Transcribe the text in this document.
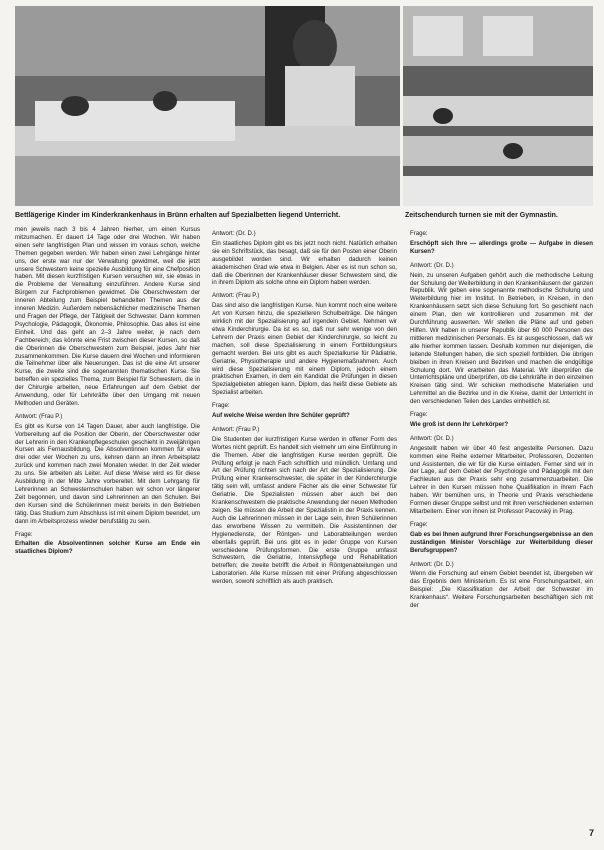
Bettlägerige Kinder im Kinderkrankenhaus in Brünn erhalten auf Spezialbetten liegend Unterricht.	Zeitschendurch turnen sie mit der Gymnastin.

men jeweils nach 3 bis 4 Jahren hierher, um einen Kursus mitzumachen. Er dauert 14 Tage oder drei Wochen. Wir haben einen sehr langfristigen Plan und wissen im voraus schon, welche Themen gegeben werden. Wir haben einen zwei Lehrgänge hinter uns, der erste war nur der Verwaltung gewidmet, weil die jetzt unsere Schwestern keine spezielle Ausbildung für eine Chefposition haben. Mit diesen kurzfristigen Kursen versuchen wir, sie etwas in die Probleme der Verwaltung einzuführen. Andere Kurse sind Bürgern zur Fachproblemen gewidmet. Die Oberschwestern der inneren Abteilung zum Beispiel behandelten Themen aus der inneren Medizin. Außerdem nebensächlicher medizinische Themen und Fragen der Pflege, der Tätigkeit der Schwester. Dann kommen Psychologie, Pädagogik, Ökonomie, Philosophie. Das alles ist eine Einheit. Und das geht an 2–3 Jahre weiter, je nach dem Fachbereich; das könnte eine Frist zwischen dieser Kursen, so daß die Oberinnen die Oberschwestern zum Beispiel, jedes Jahr hier zusammenkommen. Die Kurse dauern drei Wochen und informieren die Teilnehmer über alle Neuerungen. Das ist die eine Art unserer Kurse, die zweite sind die sogenannten thematischen Kurse. Sie betreffen ein spezielles Thema, zum Beispiel für Schwestern, die in der Chirurgie arbeiten, neue Erfahrungen auf dem Gebiet der Anwendung, oder für Lehrkräfte über den Umgang mit neuen Methoden und Geräten.

Antwort: (Frau P.)

Es gibt es Kurse von 14 Tagen Dauer, aber auch langfristige. Die Vorbereitung auf die Position der Oberin, der Oberschwester oder der Lehrerin in den Krankenpflegeschulen geschieht in zweijährigen Kursen als Fernausbildung. Die Absolventinnen kommen für etwa drei oder vier Wochen zu uns, kehren dann an ihren Arbeitsplatz zurück und kommen nach zwei Monaten wieder. In der Zeit wieder zu uns. Sie arbeiten als Leiter. Auf diese Weise wird es für diese Ausbildung in der Mitte Jahre vorbereitet. Mit dem Lehrgang für Lehrerinnen an Schwesternschulen haben wir schon vor längerer Zeit begonnen, und davon sind Lehrerinnen an den Schulen. Bei den Kursen sind die Schülerinnen meist bereits in den Betrieben tätig. Das Studium zum Abschluss ist mit einem Diplom beendet, um dann im Arbeitsprozess wieder berufstätig zu sein.

Frage:

Erhalten die Absolventinnen solcher Kurse am Ende ein staatliches Diplom?

Antwort: (Dr. D.)

Ein staatliches Diplom gibt es bis jetzt noch nicht. Natürlich erhalten sie ein Schriftstück, das besagt, daß sie für den Posten einer Oberin ausgebildet worden sind. Wir erhalten dadurch keinen akademischen Grad wie etwa in Belgien. Aber es ist nun schon so, daß die Oberinnen der Krankenhäuser dieser Schwestern sind, die in ihrem Diplom als solche ohne ein Diplom haben werden.

Antwort: (Frau P.)

Das sind also die langfristigen Kurse. Nun kommt noch eine weitere Art von Kursen hinzu, die spezielleren Schulbeiträge. Die hängen wirklich mit der Spezialisierung auf irgendein Gebiet. Nehmen wir etwa Kinderchirurgie. Da ist es so, daß nur sehr wenige von den Lehrern der Praxis einen Gebiet der Kinderchirurgie, so leicht zu machen, soll diese Spezialisierung in einem Fortbildungskurs gemacht werden. Bei uns gibt es auch Spezialkurse für Pädiatrie, Geriatrie, Physiotherapie und andere Hygienemaßnahmen. Auch wird diese Spezialisierung mit einem Diplom, jedoch einem praktischen Examen, in dem ein Kandidat die Prüfungen in diesen Spezialgebieten ablegen kann. Diplom, das heißt diese Gebiete als Spezialist arbeiten.

Frage:

Auf welche Weise werden Ihre Schüler geprüft?

Antwort: (Frau P.)

Die Studenten der kurzfristigen Kurse werden in offener Form des Wortes nicht geprüft. Es handelt sich vielmehr um eine Einführung in die Themen. Aber die langfristigen Kurse werden geprüft. Die Prüfung erfolgt je nach Fach schriftlich und mündlich. Umfang und Art der Prüfung richten sich nach der Art der Spezialisierung. Die Prüfung einer Krankenschwester, die später in der Kinderchirurgie tätig sein will, umfasst andere Fächer als die einer Schwester für Geriatrie. Die Spezialisten müssen aber auch bei den Krankenschwestern die praktische Anwendung der neuen Methoden zeigen. Sie müssen die Arbeit der Spezialistin in der Praxis kennen. Auch die Lehrerinnen müssen in der Lage sein, ihren Schülerinnen das erworbene Wissen zu vermitteln. Die Assistentinnen der Hygienedienste, der Röntgen- und Laborabteilungen werden ebenfalls geprüft. Bei uns gibt es in jeder Gruppe von Kursen verschiedene Prüfungsformen. Die erste Gruppe umfasst Schwestern, die Geriatrie, Intensivpflege und Rehabilitation betreffen; die zweite betrifft die Arbeit in Röntgenabteilungen und Laboratorien. Alle Kurse müssen mit einer Prüfung abgeschlossen werden, sowohl schriftlich als auch praktisch.

Frage:

Erschöpft sich Ihre — allerdings große — Aufgabe in diesen Kursen?

Antwort: (Dr. D.)

Nein, zu unseren Aufgaben gehört auch die methodische Leitung der Schulung der Weiterbildung in den Krankenhäusern der ganzen Republik. Wir geben eine sogenannte methodische Schulung und Weiterbildung hier im Institut. In Betrieben, in Kreisen, in den Krankenhäusern setzt sich diese Schulung fort. So geschieht nach einem Plan, den wir kontrollieren und zusammen mit der Durchführung auswerten. Wir stellen die Pläne auf und geben Hilfen. Wir haben in unserer Republik über 60 000 Personen des mittleren medizinischen Personals. Es ist ausgeschlossen, daß wir alle hierher kommen lassen. Deshalb kommen nur diejenigen, die leitende Stellungen haben, die sich speziell fortbilden. Die übrigen bleiben in ihren Kreisen und Bezirken und machen die endgültige Schulung dort. Wir erarbeiten das Material. Wir überprüfen die Unterrichtspläne und überprüfen, ob die Lehrkräfte in den einzelnen Kreisen tätig sind. Wir schicken methodische Materialien und Lehrmittel an die Bezirke und in die Kreise, damit der Unterricht in den verschiedenen Teilen des Landes einheitlich ist.

Frage:

Wie groß ist denn Ihr Lehrkörper?

Antwort: (Dr. D.)

Angestellt haben wir über 40 fest angestellte Personen. Dazu kommen eine Reihe externer Mitarbeiter, Professoren, Dozenten und Assistenten, die wir für die Kurse einladen. Ferner sind wir in der Lage, auf dem Gebiet der Psychologie und Pädagogik mit den Fachleuten aus der Praxis sehr eng zusammenzuarbeiten. Die Lehrer in den Kursen müssen hohe Qualifikation in ihrem Fach haben. Wir bemühen uns, in Theorie und Praxis verschiedene Formen dieser Gruppe selbst und mit ihren verschiedenen externen Mitarbeitern. Einer von ihnen ist Professor Pacovský in Prag.

Frage:

Gab es bei Ihnen aufgrund Ihrer Forschungsergebnisse an den zuständigen Minister Vorschläge zur Weiterbildung dieser Berufsgruppen?

Antwort: (Dr. D.)

Wenn die Forschung auf einem Gebiet beendet ist, übergeben wir das Ergebnis dem Ministerium. Es ist eine Forschungsarbeit, ein Beispiel: „Die Klassifikation der Arbeit der Schwester im Krankenhaus“. Weitere Forschungsarbeiten beschäftigen sich mit der

7
